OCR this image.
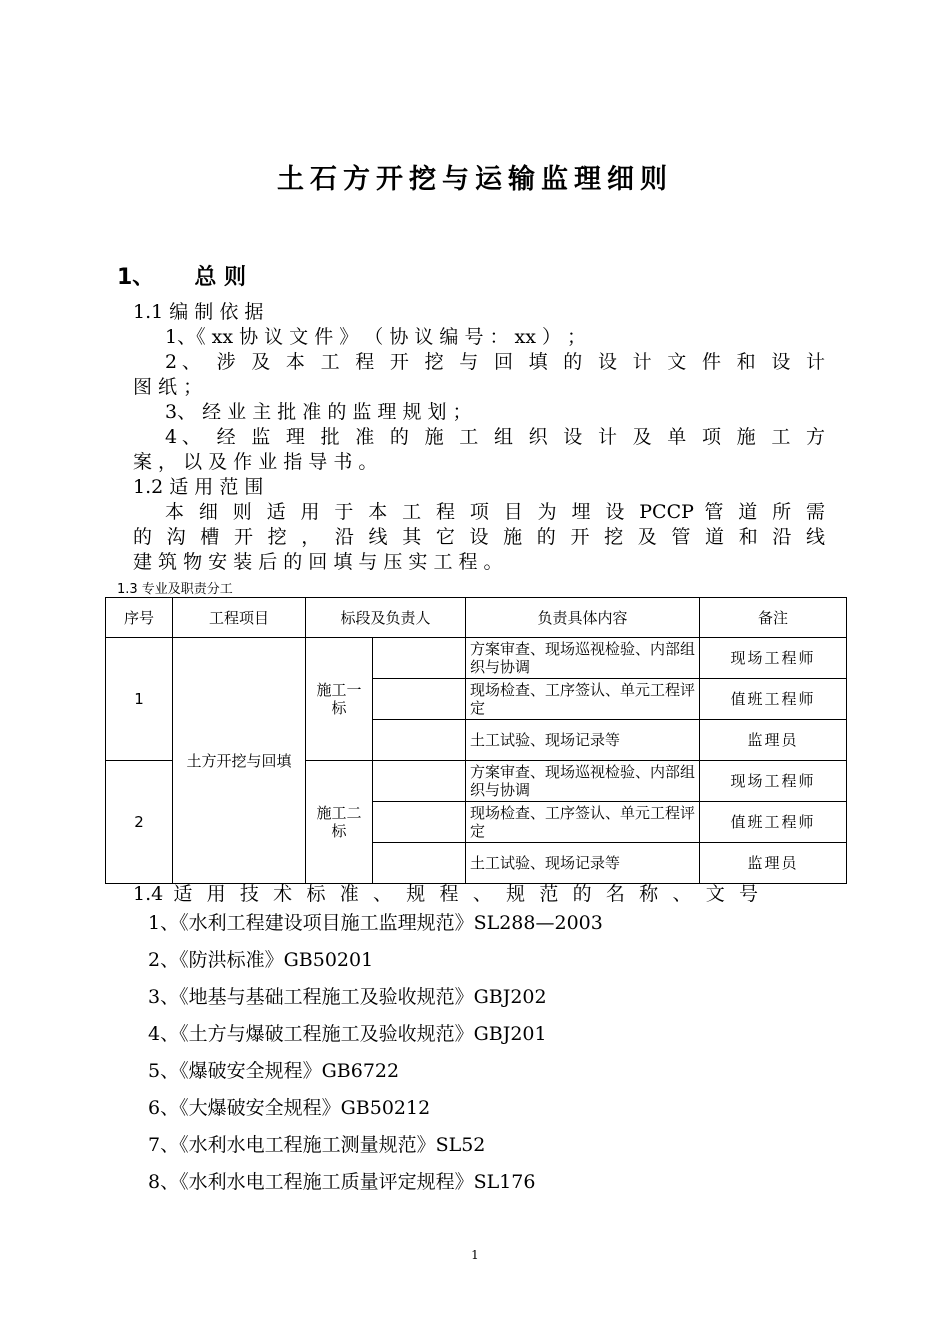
土石方开挖与运输监理细则
1、 总 则
1.1 编 制 依 据
1、《 xx 协 议 文 件 》 （ 协 议 编 号 ： xx ） ；
2、 涉 及 本 工 程 开 挖 与 回 填 的 设 计 文 件 和 设 计
图 纸 ；
3、 经 业 主 批 准 的 监 理 规 划 ；
4、 经 监 理 批 准 的 施 工 组 织 设 计 及 单 项 施 工 方
案 ， 以 及 作 业 指 导 书 。
1.2 适 用 范 围
本 细 则 适 用 于 本 工 程 项 目 为 埋 设 PCCP 管 道 所 需
的 沟 槽 开 挖 ， 沿 线 其 它 设 施 的 开 挖 及 管 道 和 沿 线
建 筑 物 安 装 后 的 回 填 与 压 实 工 程 。
1.3 专业及职责分工
序号	工程项目	标段及负责人		负责具体内容	备注
1	土方开挖与回填	施工一标		方案审查、现场巡视检验、内部组织与协调	现场工程师
				现场检查、工序签认、单元工程评定	值班工程师
				土工试验、现场记录等	监理员
2		施工二标		方案审查、现场巡视检验、内部组织与协调	现场工程师
				现场检查、工序签认、单元工程评定	值班工程师
				土工试验、现场记录等	监理员
1.4 适 用 技 术 标 准 、 规 程 、 规 范 的 名 称 、 文 号
1、《水利工程建设项目施工监理规范》SL288—2003
2、《防洪标准》GB50201
3、《地基与基础工程施工及验收规范》GBJ202
4、《土方与爆破工程施工及验收规范》GBJ201
5、《爆破安全规程》GB6722
6、《大爆破安全规程》GB50212
7、《水利水电工程施工测量规范》SL52
8、《水利水电工程施工质量评定规程》SL176
1
